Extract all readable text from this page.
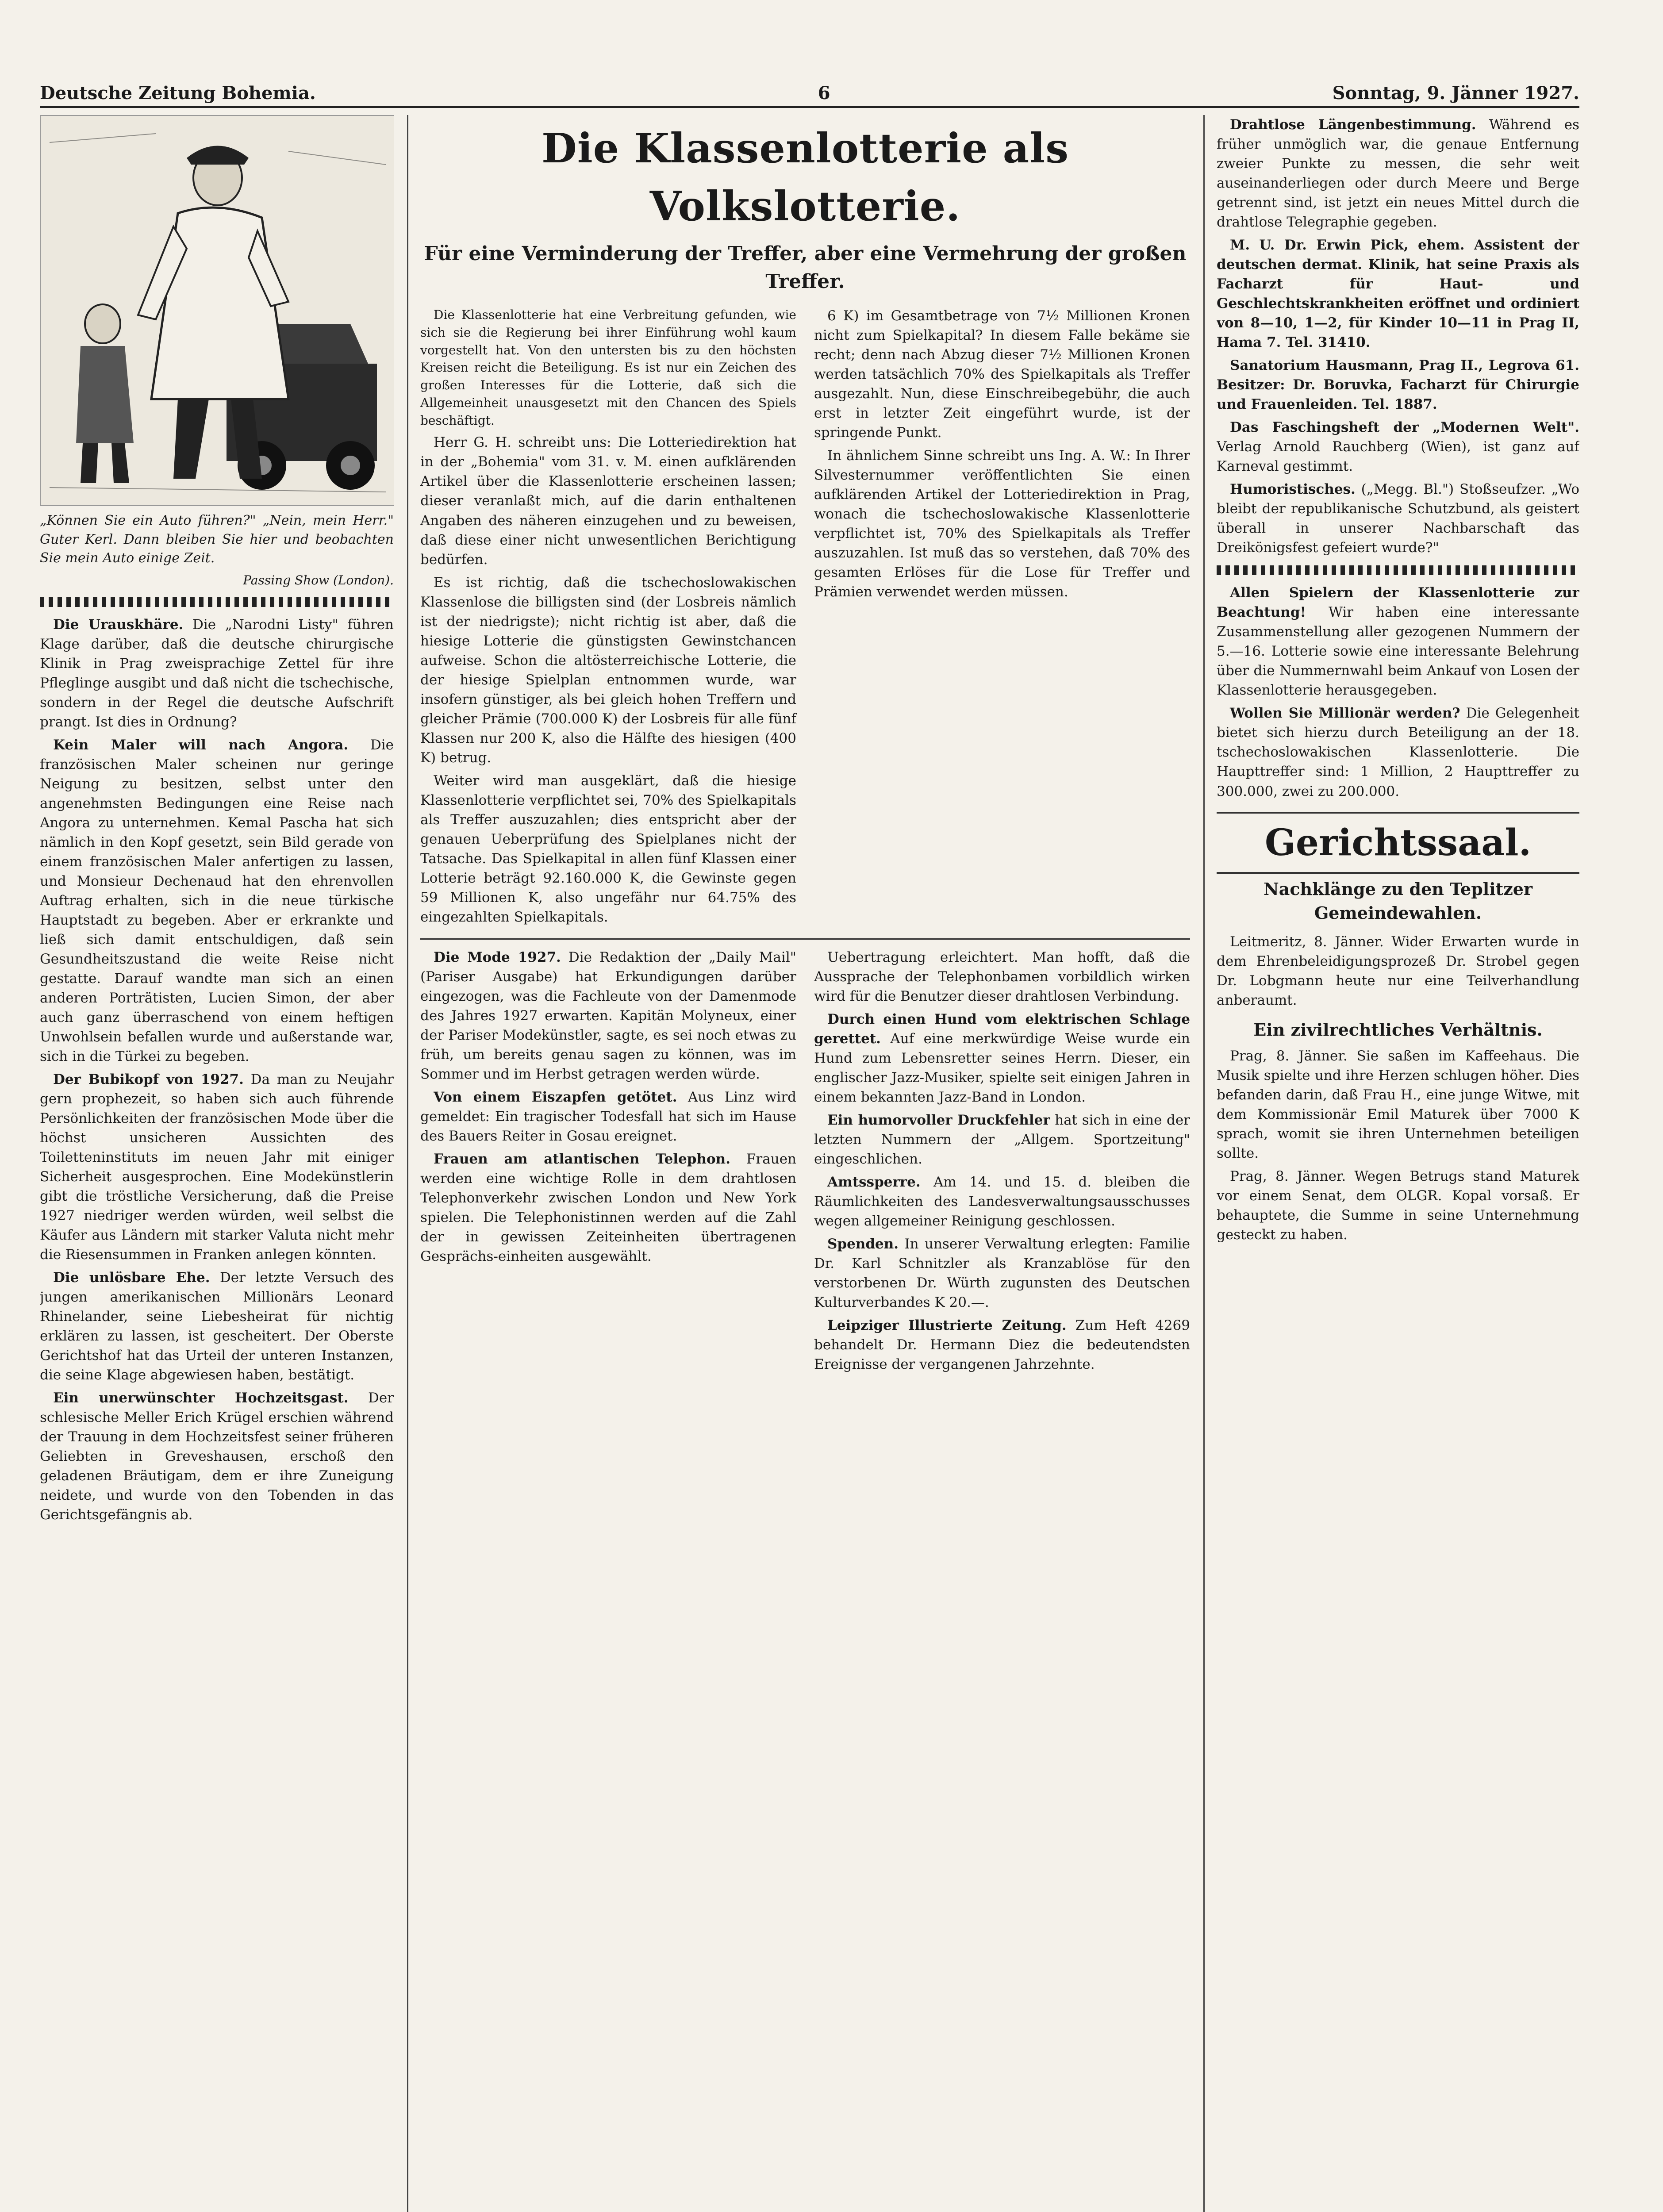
Deutsche Zeitung Bohemia.	6	Sonntag, 9. Jänner 1927.

„Können Sie ein Auto führen?" „Nein, mein Herr." Guter Kerl. Dann bleiben Sie hier und beobachten Sie mein Auto einige Zeit.

Passing Show (London).

Die Urauskhäre. Die „Narodni Listy" führen Klage darüber, daß die deutsche chirurgische Klinik in Prag zweisprachige Zettel für ihre Pfleglinge ausgibt und daß nicht die tschechische, sondern in der Regel die deutsche Aufschrift prangt. Ist dies in Ordnung?

Kein Maler will nach Angora. Die französischen Maler scheinen nur geringe Neigung zu besitzen, selbst unter den angenehmsten Bedingungen eine Reise nach Angora zu unternehmen. Kemal Pascha hat sich nämlich in den Kopf gesetzt, sein Bild gerade von einem französischen Maler anfertigen zu lassen, und Monsieur Dechenaud hat den ehrenvollen Auftrag erhalten, sich in die neue türkische Hauptstadt zu begeben. Aber er erkrankte und ließ sich damit entschuldigen, daß sein Gesundheitszustand die weite Reise nicht gestatte. Darauf wandte man sich an einen anderen Porträtisten, Lucien Simon, der aber auch ganz überraschend von einem heftigen Unwohlsein befallen wurde und außerstande war, sich in die Türkei zu begeben.

Der Bubikopf von 1927. Da man zu Neujahr gern prophezeit, so haben sich auch führende Persönlichkeiten der französischen Mode über die höchst unsicheren Aussichten des Toiletteninstituts im neuen Jahr mit einiger Sicherheit ausgesprochen. Eine Modekünstlerin gibt die tröstliche Versicherung, daß die Preise 1927 niedriger werden würden, weil selbst die Käufer aus Ländern mit starker Valuta nicht mehr die Riesensummen in Franken anlegen könnten.

Die unlösbare Ehe. Der letzte Versuch des jungen amerikanischen Millionärs Leonard Rhinelander, seine Liebesheirat für nichtig erklären zu lassen, ist gescheitert. Der Oberste Gerichtshof hat das Urteil der unteren Instanzen, die seine Klage abgewiesen haben, bestätigt.

Ein unerwünschter Hochzeitsgast. Der schlesische Meller Erich Krügel erschien während der Trauung in dem Hochzeitsfest seiner früheren Geliebten in Greveshausen, erschoß den geladenen Bräutigam, dem er ihre Zuneigung neidete, und wurde von den Tobenden in das Gerichtsgefängnis ab.

Die Klassenlotterie als Volkslotterie.
Für eine Verminderung der Treffer, aber eine Vermehrung der großen Treffer.

Die Klassenlotterie hat eine Verbreitung gefunden, wie sich sie die Regierung bei ihrer Einführung wohl kaum vorgestellt hat. Von den untersten bis zu den höchsten Kreisen reicht die Beteiligung. Es ist nur ein Zeichen des großen Interesses für die Lotterie, daß sich die Allgemeinheit unausgesetzt mit den Chancen des Spiels beschäftigt.

Herr G. H. schreibt uns: Die Lotteriedirektion hat in der „Bohemia" vom 31. v. M. einen aufklärenden Artikel über die Klassenlotterie erscheinen lassen; dieser veranlaßt mich, auf die darin enthaltenen Angaben des näheren einzugehen und zu beweisen, daß diese einer nicht unwesentlichen Berichtigung bedürfen.

Es ist richtig, daß die tschechoslowakischen Klassenlose die billigsten sind (der Losbreis nämlich ist der niedrigste); nicht richtig ist aber, daß die hiesige Lotterie die günstigsten Gewinstchancen aufweise. Schon die altösterreichische Lotterie, die der hiesige Spielplan entnommen wurde, war insofern günstiger, als bei gleich hohen Treffern und gleicher Prämie (700.000 K) der Losbreis für alle fünf Klassen nur 200 K, also die Hälfte des hiesigen (400 K) betrug.

Weiter wird man ausgeklärt, daß die hiesige Klassenlotterie verpflichtet sei, 70% des Spielkapitals als Treffer auszuzahlen; dies entspricht aber der genauen Ueberprüfung des Spielplanes nicht der Tatsache. Das Spielkapital in allen fünf Klassen einer Lotterie beträgt 92.160.000 K, die Gewinste gegen 59 Millionen K, also ungefähr nur 64.75% des eingezahlten Spielkapitals.

6 K) im Gesamtbetrage von 7½ Millionen Kronen nicht zum Spielkapital? In diesem Falle bekäme sie recht; denn nach Abzug dieser 7½ Millionen Kronen werden tatsächlich 70% des Spielkapitals als Treffer ausgezahlt. Nun, diese Einschreibegebühr, die auch erst in letzter Zeit eingeführt wurde, ist der springende Punkt.

In ähnlichem Sinne schreibt uns Ing. A. W.: In Ihrer Silvesternummer veröffentlichten Sie einen aufklärenden Artikel der Lotteriedirektion in Prag, wonach die tschechoslowakische Klassenlotterie verpflichtet ist, 70% des Spielkapitals als Treffer auszuzahlen. Ist muß das so verstehen, daß 70% des gesamten Erlöses für die Lose für Treffer und Prämien verwendet werden müssen.

Die Mode 1927. Die Redaktion der „Daily Mail" (Pariser Ausgabe) hat Erkundigungen darüber eingezogen, was die Fachleute von der Damenmode des Jahres 1927 erwarten. Kapitän Molyneux, einer der Pariser Modekünstler, sagte, es sei noch etwas zu früh, um bereits genau sagen zu können, was im Sommer und im Herbst getragen werden würde.

Von einem Eiszapfen getötet. Aus Linz wird gemeldet: Ein tragischer Todesfall hat sich im Hause des Bauers Reiter in Gosau ereignet.

Frauen am atlantischen Telephon. Frauen werden eine wichtige Rolle in dem drahtlosen Telephonverkehr zwischen London und New York spielen. Die Telephonistinnen werden auf die Zahl der in gewissen Zeiteinheiten übertragenen Gesprächs-einheiten ausgewählt.

Uebertragung erleichtert. Man hofft, daß die Aussprache der Telephonbamen vorbildlich wirken wird für die Benutzer dieser drahtlosen Verbindung.

Durch einen Hund vom elektrischen Schlage gerettet. Auf eine merkwürdige Weise wurde ein Hund zum Lebensretter seines Herrn. Dieser, ein englischer Jazz-Musiker, spielte seit einigen Jahren in einem bekannten Jazz-Band in London.

Ein humorvoller Druckfehler hat sich in eine der letzten Nummern der „Allgem. Sportzeitung" eingeschlichen.

Amtssperre. Am 14. und 15. d. bleiben die Räumlichkeiten des Landesverwaltungsausschusses wegen allgemeiner Reinigung geschlossen.

Spenden. In unserer Verwaltung erlegten: Familie Dr. Karl Schnitzler als Kranzablöse für den verstorbenen Dr. Würth zugunsten des Deutschen Kulturverbandes K 20.—.

Leipziger Illustrierte Zeitung. Zum Heft 4269 behandelt Dr. Hermann Diez die bedeutendsten Ereignisse der vergangenen Jahrzehnte.

Drahtlose Längenbestimmung. Während es früher unmöglich war, die genaue Entfernung zweier Punkte zu messen, die sehr weit auseinanderliegen oder durch Meere und Berge getrennt sind, ist jetzt ein neues Mittel durch die drahtlose Telegraphie gegeben.

M. U. Dr. Erwin Pick, ehem. Assistent der deutschen dermat. Klinik, hat seine Praxis als Facharzt für Haut- und Geschlechtskrankheiten eröffnet und ordiniert von 8—10, 1—2, für Kinder 10—11 in Prag II, Hama 7. Tel. 31410.

Sanatorium Hausmann, Prag II., Legrova 61. Besitzer: Dr. Boruvka, Facharzt für Chirurgie und Frauenleiden. Tel. 1887.

Das Faschingsheft der „Modernen Welt". Verlag Arnold Rauchberg (Wien), ist ganz auf Karneval gestimmt.

Humoristisches. („Megg. Bl.") Stoßseufzer. „Wo bleibt der republikanische Schutzbund, als geistert überall in unserer Nachbarschaft das Dreikönigsfest gefeiert wurde?"

Allen Spielern der Klassenlotterie zur Beachtung! Wir haben eine interessante Zusammenstellung aller gezogenen Nummern der 5.—16. Lotterie sowie eine interessante Belehrung über die Nummernwahl beim Ankauf von Losen der Klassenlotterie herausgegeben.

Wollen Sie Millionär werden? Die Gelegenheit bietet sich hierzu durch Beteiligung an der 18. tschechoslowakischen Klassenlotterie. Die Haupttreffer sind: 1 Million, 2 Haupttreffer zu 300.000, zwei zu 200.000.

Gerichtssaal.
Nachklänge zu den Teplitzer Gemeindewahlen.

Leitmeritz, 8. Jänner. Wider Erwarten wurde in dem Ehrenbeleidigungsprozeß Dr. Strobel gegen Dr. Lobgmann heute nur eine Teilverhandlung anberaumt.

Ein zivilrechtliches Verhältnis.

Prag, 8. Jänner. Sie saßen im Kaffeehaus. Die Musik spielte und ihre Herzen schlugen höher. Dies befanden darin, daß Frau H., eine junge Witwe, mit dem Kommissionär Emil Maturek über 7000 K sprach, womit sie ihren Unternehmen beteiligen sollte.

Prag, 8. Jänner. Wegen Betrugs stand Maturek vor einem Senat, dem OLGR. Kopal vorsaß. Er behauptete, die Summe in seine Unternehmung gesteckt zu haben.
